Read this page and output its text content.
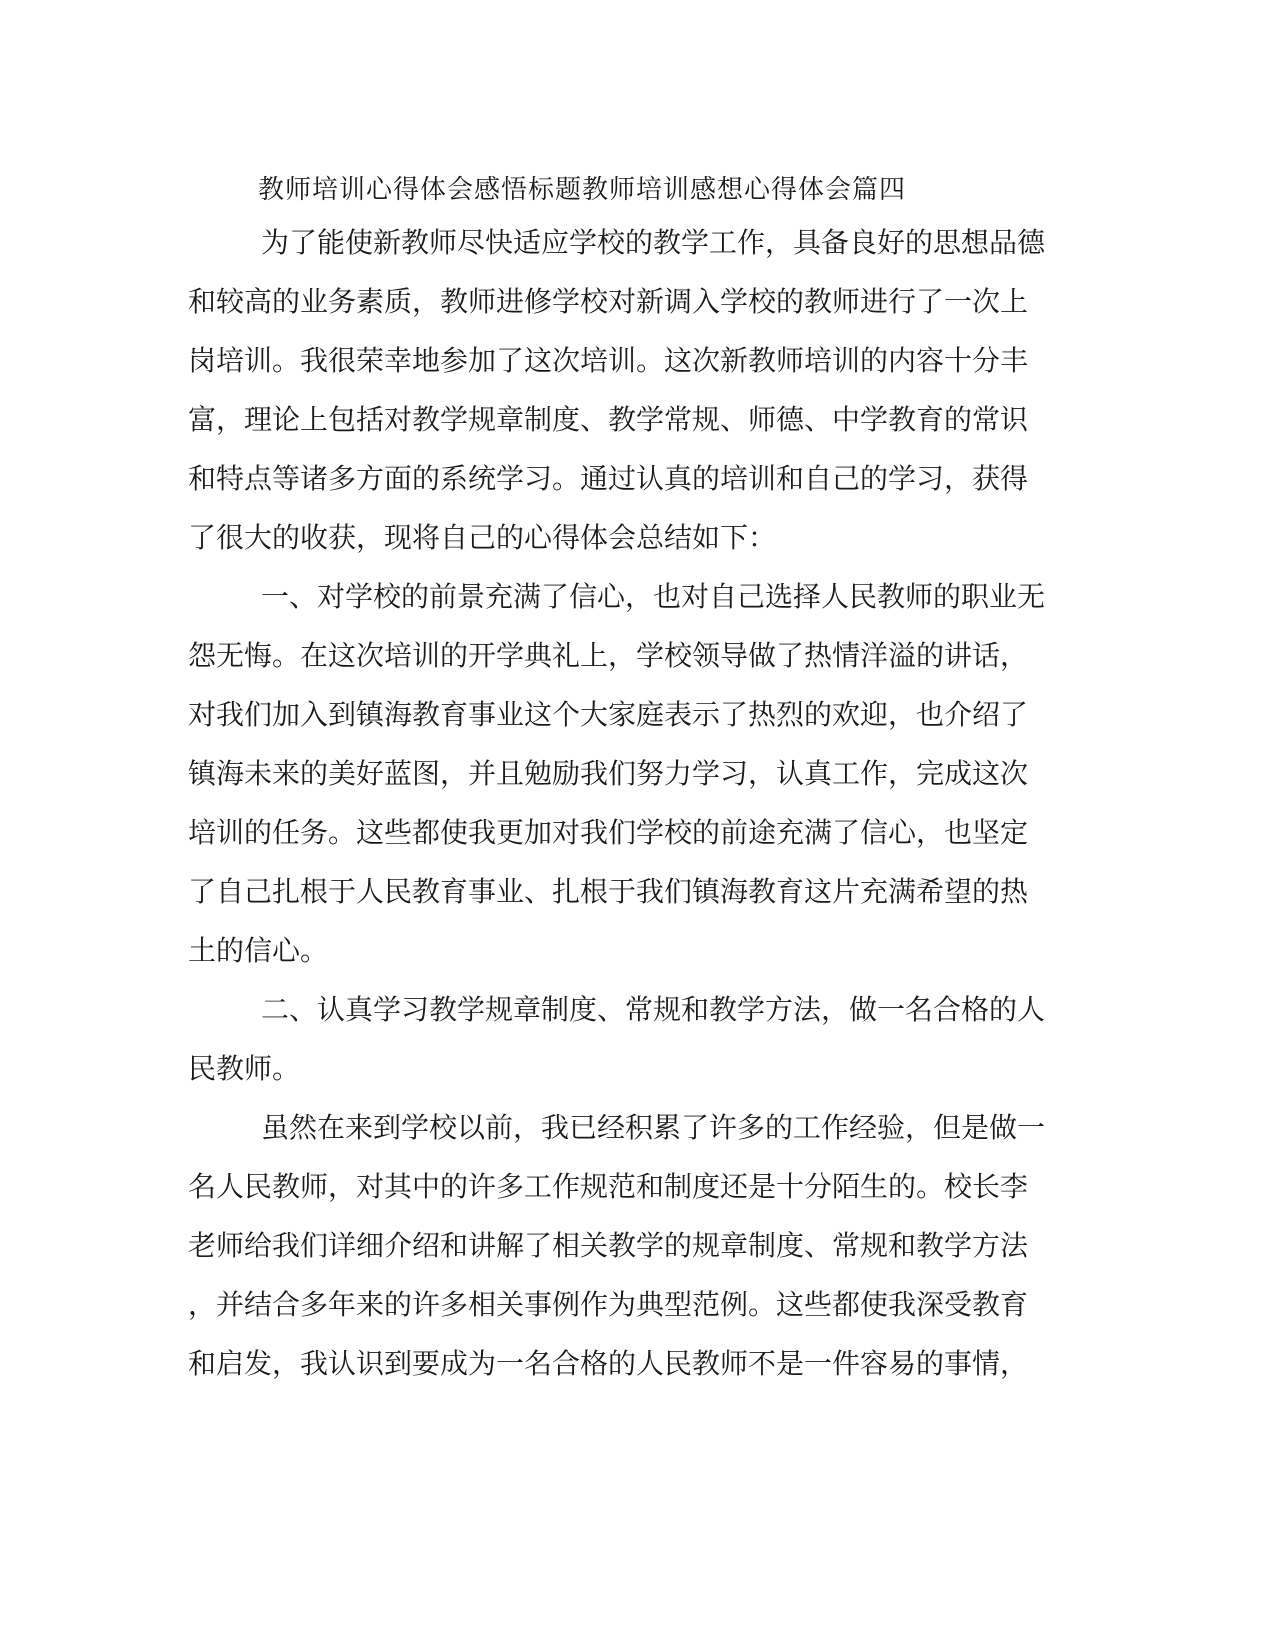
教师培训心得体会感悟标题教师培训感想心得体会篇四

为了能使新教师尽快适应学校的教学工作，具备良好的思想品德

和较高的业务素质，教师进修学校对新调入学校的教师进行了一次上

岗培训。我很荣幸地参加了这次培训。这次新教师培训的内容十分丰

富，理论上包括对教学规章制度、教学常规、师德、中学教育的常识

和特点等诸多方面的系统学习。通过认真的培训和自己的学习，获得

了很大的收获，现将自己的心得体会总结如下：

一、对学校的前景充满了信心，也对自己选择人民教师的职业无

怨无悔。在这次培训的开学典礼上，学校领导做了热情洋溢的讲话，

对我们加入到镇海教育事业这个大家庭表示了热烈的欢迎，也介绍了

镇海未来的美好蓝图，并且勉励我们努力学习，认真工作，完成这次

培训的任务。这些都使我更加对我们学校的前途充满了信心，也坚定

了自己扎根于人民教育事业、扎根于我们镇海教育这片充满希望的热

土的信心。

二、认真学习教学规章制度、常规和教学方法，做一名合格的人

民教师。

虽然在来到学校以前，我已经积累了许多的工作经验，但是做一

名人民教师，对其中的许多工作规范和制度还是十分陌生的。校长李

老师给我们详细介绍和讲解了相关教学的规章制度、常规和教学方法

，并结合多年来的许多相关事例作为典型范例。这些都使我深受教育

和启发，我认识到要成为一名合格的人民教师不是一件容易的事情，
